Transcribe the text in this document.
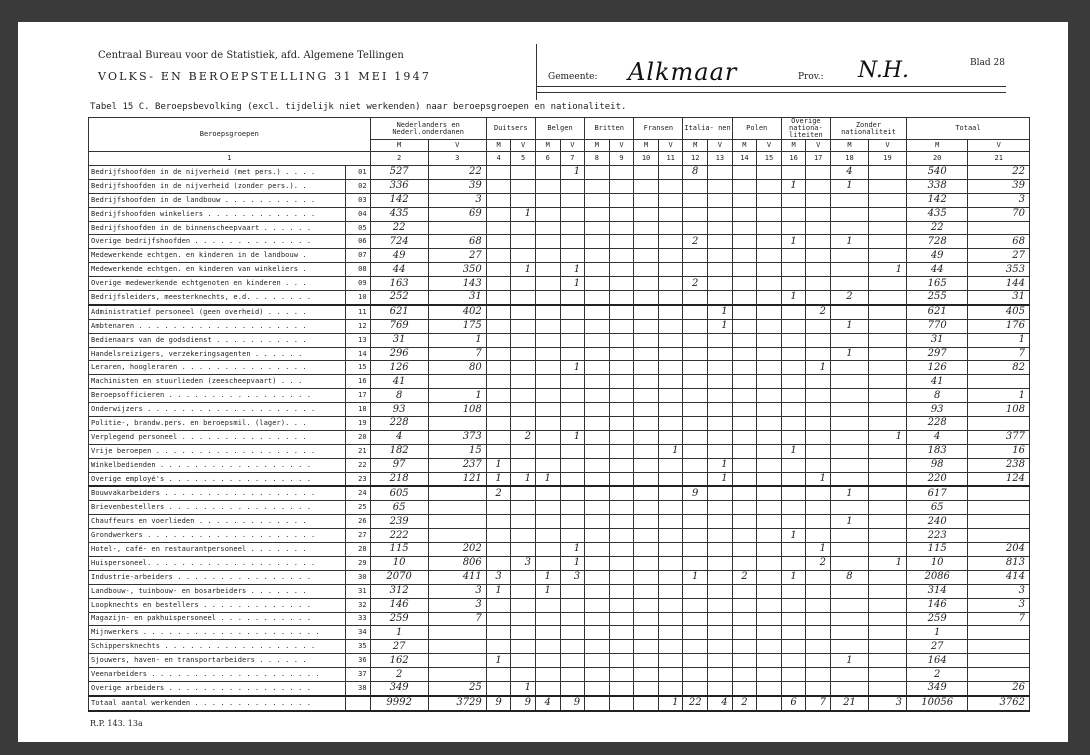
Centraal Bureau voor de Statistiek, afd. Algemene Tellingen
VOLKS- EN BEROEPSTELLING 31 MEI 1947	Gemeente: Alkmaar	Prov.: N.H.	Blad 28
Tabel 15 C. Beroepsbevolking (excl. tijdelijk niet werkenden) naar beroepsgroepen en nationaliteit.
Beroepsgroepen		Nederlanders en Nederl.onderdanen		Duitsers		Belgen		Britten		Fransen		Italia- nen		Polen		Overige nationa- liteiten		Zonder nationaliteit		Totaal	
		M	V	M	V	M	V	M	V	M	V	M	V	M	V	M	V	M	V	M	V
1		2	3	4	5	6	7	8	9	10	11	12	13	14	15	16	17	18	19	20	21
Bedrijfshoofden in de nijverheid (met pers.) . . . .	01	527	22				1					8						4		540	22
Bedrijfshoofden in de nijverheid (zonder pers.). .	02	336	39													1		1		338	39
Bedrijfshoofden in de landbouw . . . . . . . . . . .	03	142	3																	142	3
Bedrijfshoofden winkeliers . . . . . . . . . . . . .	04	435	69		1															435	70
Bedrijfshoofden in de binnenscheepvaart . . . . . .	05	22																		22	
Overige bedrijfshoofden . . . . . . . . . . . . . .	06	724	68									2				1		1		728	68
Medewerkende echtgen. en kinderen in de landbouw .	07	49	27																	49	27
Medewerkende echtgen. en kinderen van winkeliers .	08	44	350		1		1												1	44	353
Overige medewerkende echtgenoten en kinderen . . .	09	163	143				1					2								165	144
Bedrijfsleiders, meesterknechts, e.d. . . . . . . .	10	252	31													1		2		255	31
Administratief personeel (geen overheid) . . . . .	11	621	402										1				2			621	405
Ambtenaren . . . . . . . . . . . . . . . . . . . .	12	769	175										1					1		770	176
Bedienaars van de godsdienst . . . . . . . . . . .	13	31	1																	31	1
Handelsreizigers, verzekeringsagenten . . . . . .	14	296	7															1		297	7
Leraren, hoogleraren . . . . . . . . . . . . . . .	15	126	80				1										1			126	82
Machinisten en stuurlieden (zeescheepvaart) . . .	16	41																		41	
Beroepsofficieren . . . . . . . . . . . . . . . . .	17	8	1																	8	1
Onderwijzers . . . . . . . . . . . . . . . . . . . .	18	93	108																	93	108
Politie-, brandw.pers. en beroepsmil. (lager). . .	19	228																		228	
Verplegend personeel . . . . . . . . . . . . . . .	20	4	373		2		1												1	4	377
Vrije beroepen . . . . . . . . . . . . . . . . . . .	21	182	15								1					1				183	16
Winkelbedienden . . . . . . . . . . . . . . . . . .	22	97	237	1									1							98	238
Overige employé's . . . . . . . . . . . . . . . . .	23	218	121	1	1	1							1				1			220	124
Bouwvakarbeiders . . . . . . . . . . . . . . . . . .	24	605		2								9						1		617	
Brievenbestellers . . . . . . . . . . . . . . . . .	25	65																		65	
Chauffeurs en voerlieden . . . . . . . . . . . . .	26	239																1		240	
Grondwerkers . . . . . . . . . . . . . . . . . . . .	27	222														1				223	
Hotel-, café- en restaurantpersoneel . . . . . . .	28	115	202				1										1			115	204
Huispersoneel. . . . . . . . . . . . . . . . . . . .	29	10	806		3		1										2		1	10	813
Industrie-arbeiders . . . . . . . . . . . . . . . .	30	2070	411	3		1	3					1		2		1		8		2086	414
Landbouw-, tuinbouw- en bosarbeiders . . . . . . .	31	312	3	1		1														314	3
Loopknechts en bestellers . . . . . . . . . . . . .	32	146	3																	146	3
Magazijn- en pakhuispersoneel . . . . . . . . . . .	33	259	7																	259	7
Mijnwerkers . . . . . . . . . . . . . . . . . . . . .	34	1																		1	
Schippersknechts . . . . . . . . . . . . . . . . . .	35	27																		27	
Sjouwers, haven- en transportarbeiders . . . . . .	36	162		1														1		164	
Veenarbeiders . . . . . . . . . . . . . . . . . . . .	37	2																		2	
Overige arbeiders . . . . . . . . . . . . . . . . .	38	349	25		1															349	26
Totaal aantal werkenden . . . . . . . . . . . . . .		9992	3729	9	9	4	9				1	22	4	2		6	7	21	3	10056	3762
R.P. 143. 13a
